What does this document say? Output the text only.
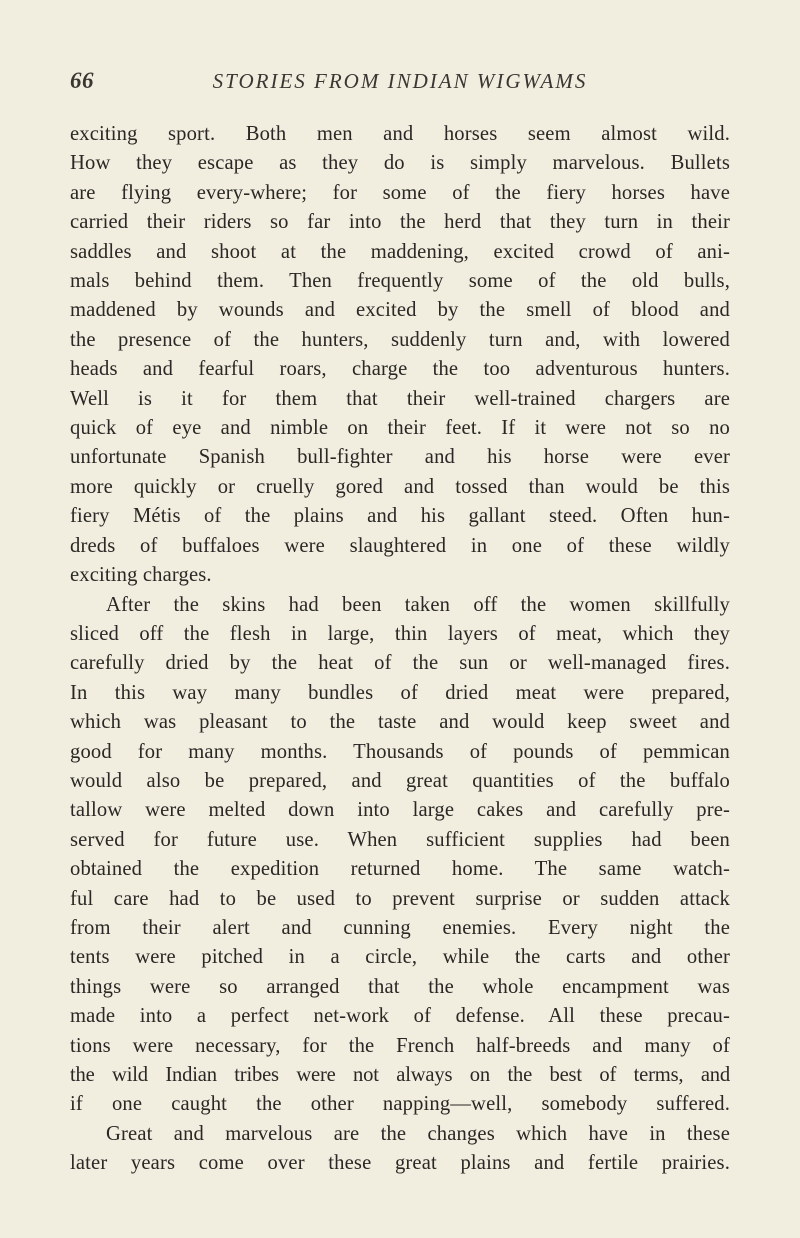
66	STORIES FROM INDIAN WIGWAMS

exciting sport. Both men and horses seem almost wild.
How they escape as they do is simply marvelous. Bullets
are flying every-where; for some of the fiery horses have
carried their riders so far into the herd that they turn in their
saddles and shoot at the maddening, excited crowd of ani-
mals behind them. Then frequently some of the old bulls,
maddened by wounds and excited by the smell of blood and
the presence of the hunters, suddenly turn and, with lowered
heads and fearful roars, charge the too adventurous hunters.
Well is it for them that their well-trained chargers are
quick of eye and nimble on their feet. If it were not so no
unfortunate Spanish bull-fighter and his horse were ever
more quickly or cruelly gored and tossed than would be this
fiery Métis of the plains and his gallant steed. Often hun-
dreds of buffaloes were slaughtered in one of these wildly
exciting charges.

After the skins had been taken off the women skillfully
sliced off the flesh in large, thin layers of meat, which they
carefully dried by the heat of the sun or well-managed fires.
In this way many bundles of dried meat were prepared,
which was pleasant to the taste and would keep sweet and
good for many months. Thousands of pounds of pemmican
would also be prepared, and great quantities of the buffalo
tallow were melted down into large cakes and carefully pre-
served for future use. When sufficient supplies had been
obtained the expedition returned home. The same watch-
ful care had to be used to prevent surprise or sudden attack
from their alert and cunning enemies. Every night the
tents were pitched in a circle, while the carts and other
things were so arranged that the whole encampment was
made into a perfect net-work of defense. All these precau-
tions were necessary, for the French half-breeds and many of
the wild Indian tribes were not always on the best of terms, and
if one caught the other napping—well, somebody suffered.
Great and marvelous are the changes which have in these
later years come over these great plains and fertile prairies.
